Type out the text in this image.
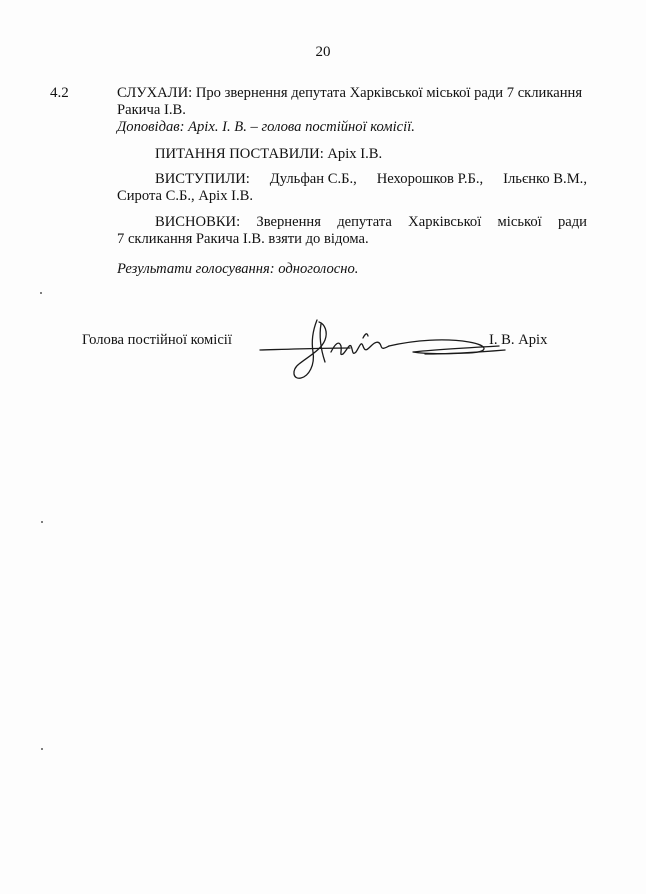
20
4.2	СЛУХАЛИ: Про звернення депутата Харківської міської ради 7 скликання
Ракича І.В.
Доповідав: Аріх. І. В. – голова постійної комісії.
ПИТАННЯ ПОСТАВИЛИ: Аріх І.В.
ВИСТУПИЛИ: Дульфан С.Б., Нехорошков Р.Б., Ільєнко В.М.,
Сирота С.Б., Аріх І.В.
ВИСНОВКИ: Звернення депутата Харківської міської ради
7 скликання Ракича І.В. взяти до відома.
Результати голосування: одноголосно.
Голова постійної комісії	І. В. Аріх
